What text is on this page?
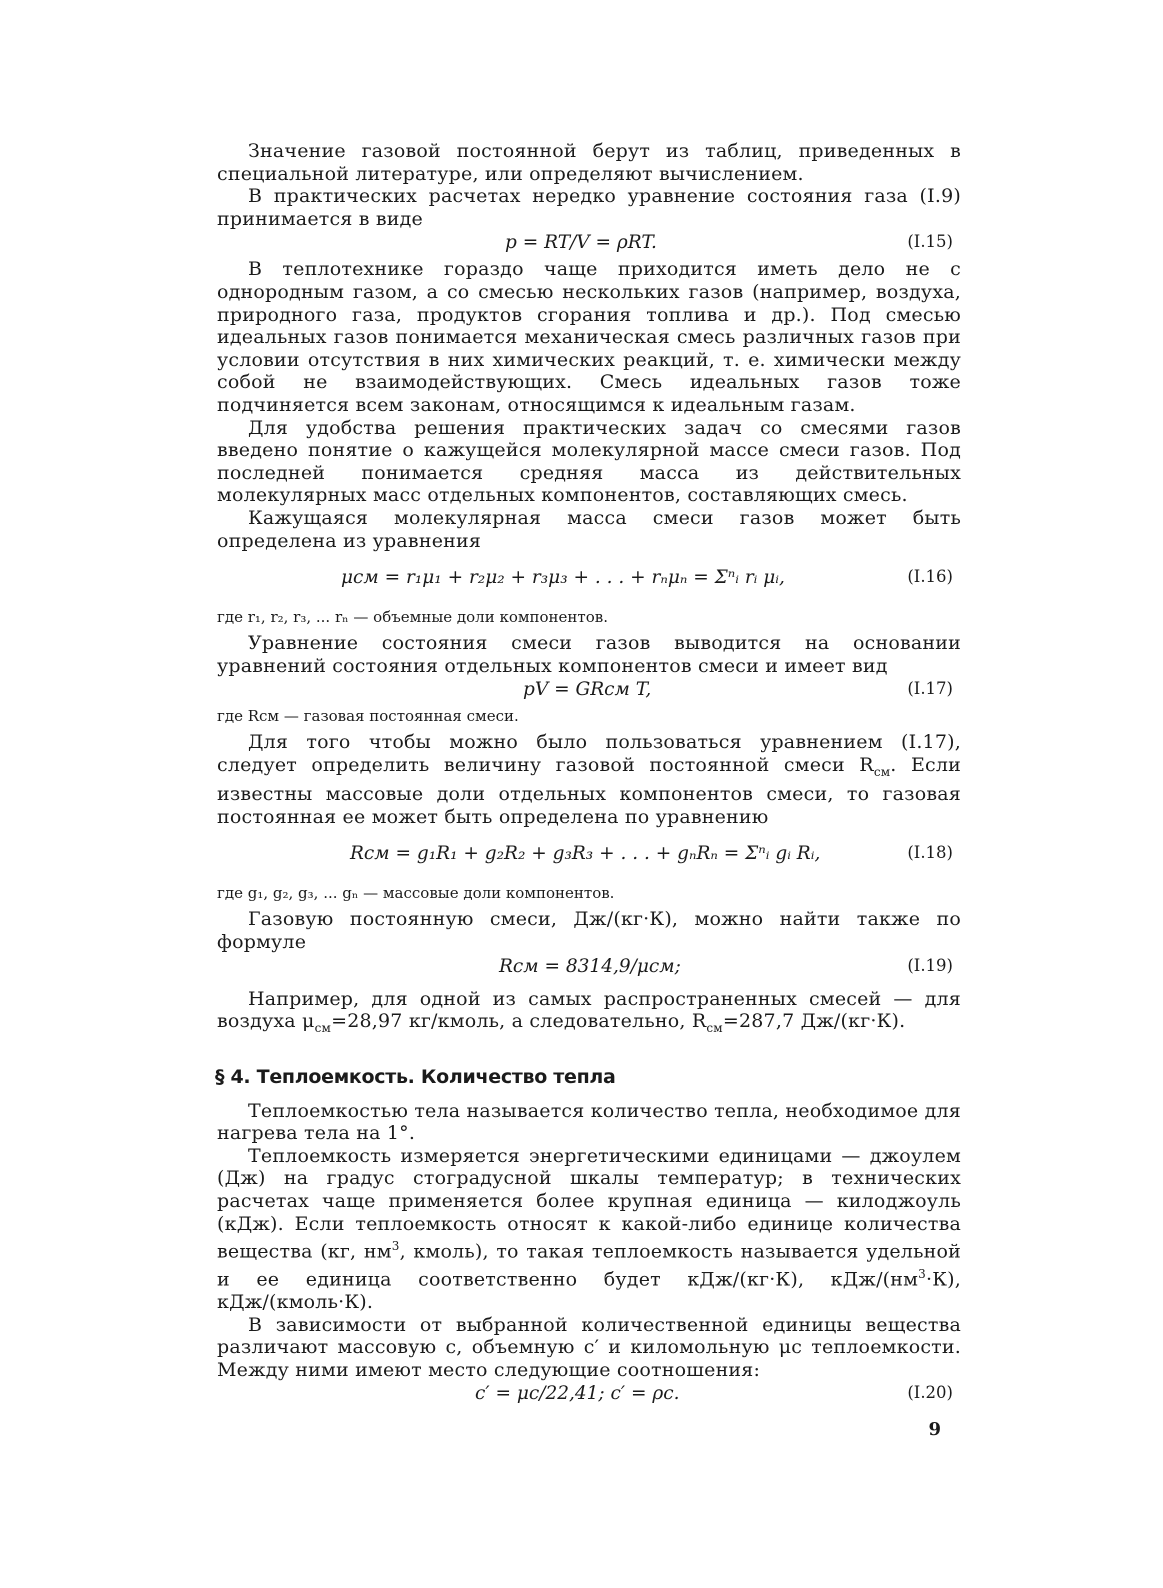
Значение газовой постоянной берут из таблиц, приведенных в специальной литературе, или определяют вычислением.

В практических расчетах нередко уравнение состояния газа (I.9) принимается в виде

p = RT/V = ρRT.	(I.15)

В теплотехнике гораздо чаще приходится иметь дело не с однородным газом, а со смесью нескольких газов (например, воздуха, природного газа, продуктов сгорания топлива и др.). Под смесью идеальных газов понимается механическая смесь различных газов при условии отсутствия в них химических реакций, т. е. химически между собой не взаимодействующих. Смесь идеальных газов тоже подчиняется всем законам, относящимся к идеальным газам.

Для удобства решения практических задач со смесями газов введено понятие о кажущейся молекулярной массе смеси газов. Под последней понимается средняя масса из действительных молекулярных масс отдельных компонентов, составляющих смесь.

Кажущаяся молекулярная масса смеси газов может быть определена из уравнения

μсм = r₁μ₁ + r₂μ₂ + r₃μ₃ + . . . + rₙμₙ = Σⁿᵢ rᵢ μᵢ,	(I.16)
где r₁, r₂, r₃, ... rₙ — объемные доли компонентов.

Уравнение состояния смеси газов выводится на основании уравнений состояния отдельных компонентов смеси и имеет вид

pV = GRсм T,	(I.17)
где Rсм — газовая постоянная смеси.

Для того чтобы можно было пользоваться уравнением (I.17), следует определить величину газовой постоянной смеси $R_{см}$. Если известны массовые доли отдельных компонентов смеси, то газовая постоянная ее может быть определена по уравнению

Rсм = g₁R₁ + g₂R₂ + g₃R₃ + . . . + gₙRₙ = Σⁿᵢ gᵢ Rᵢ,	(I.18)
где g₁, g₂, g₃, ... gₙ — массовые доли компонентов.

Газовую постоянную смеси, Дж/(кг·К), можно найти также по формуле

Rсм = 8314,9/μсм;	(I.19)

Например, для одной из самых распространенных смесей — для воздуха $\mu_{см}=28,97$ кг/кмоль, а следовательно, $R_{см}=287,7$ Дж/(кг·К).

§ 4. Теплоемкость. Количество тепла

Теплоемкостью тела называется количество тепла, необходимое для нагрева тела на 1°.

Теплоемкость измеряется энергетическими единицами — джоулем (Дж) на градус стоградусной шкалы температур; в технических расчетах чаще применяется более крупная единица — килоджоуль (кДж). Если теплоемкость относят к какой-либо единице количества вещества (кг, $нм^3$, кмоль), то такая теплоемкость называется удельной и ее единица соответственно будет кДж/(кг·К), кДж/$(нм^3\cdot К)$, кДж/(кмоль·К).

В зависимости от выбранной количественной единицы вещества различают массовую c, объемную c′ и киломольную μc теплоемкости. Между ними имеют место следующие соотношения:

c′ = μc/22,41; c′ = ρc.	(I.20)
9
